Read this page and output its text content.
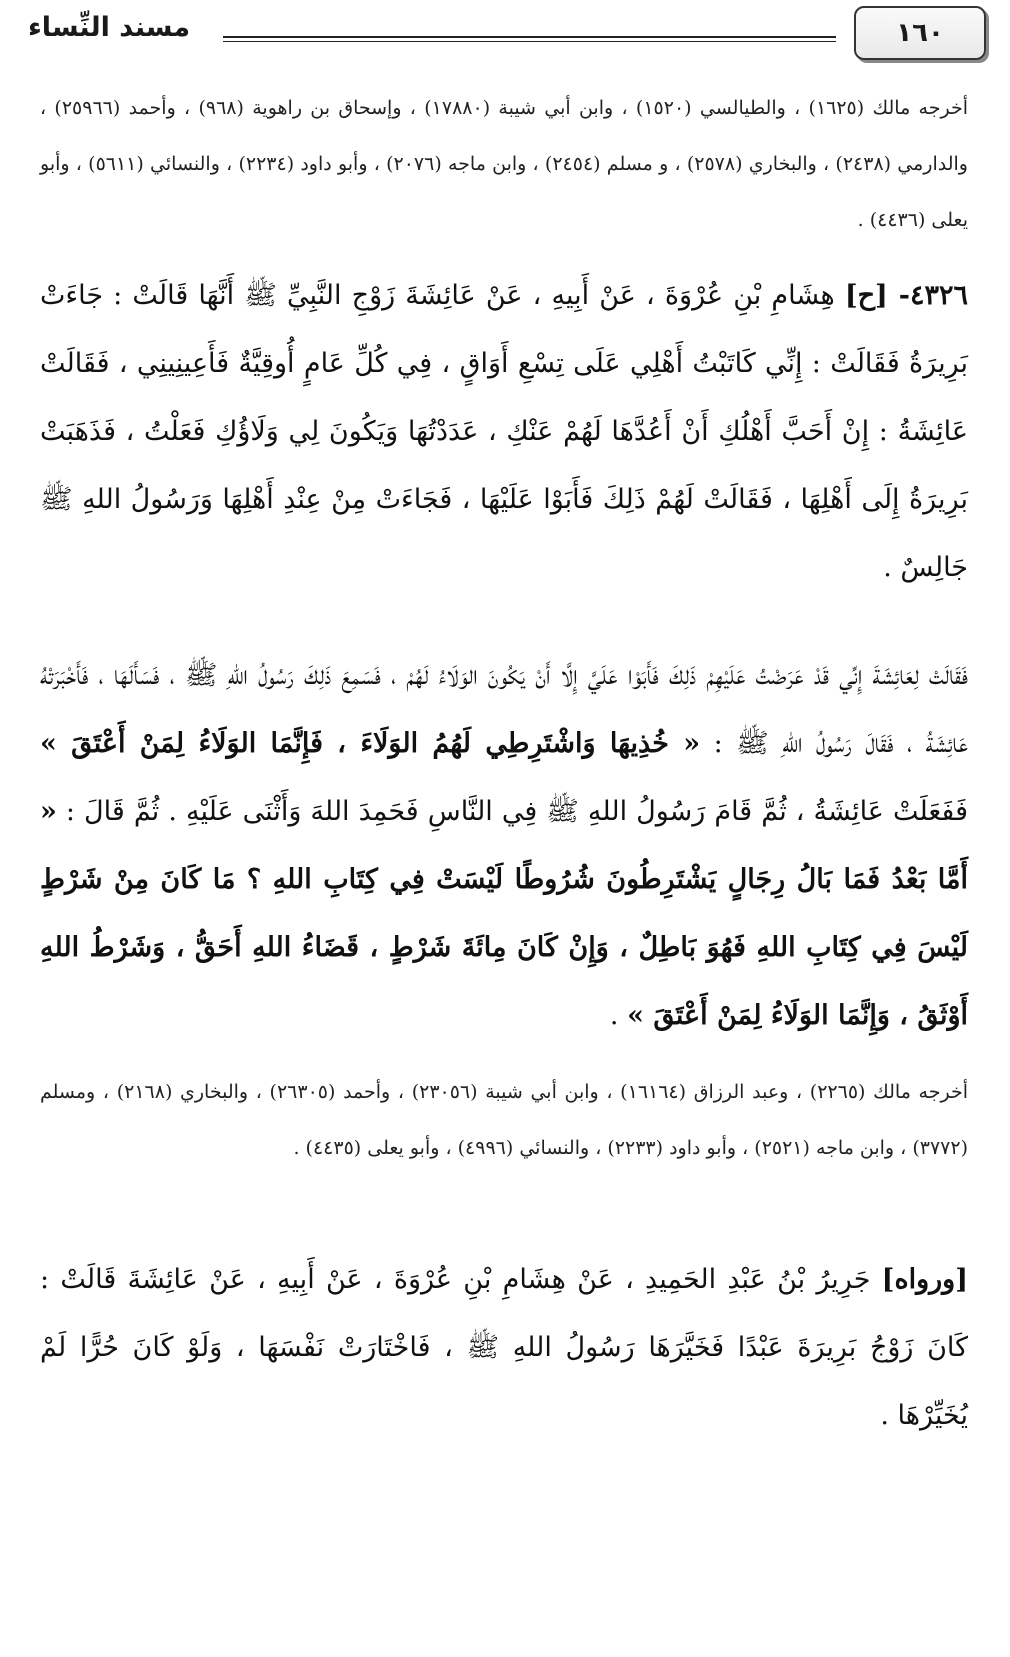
١٦٠
مسند النِّساء
أخرجه مالك (١٦٢٥) ، والطيالسي (١٥٢٠) ، وابن أبي شيبة (١٧٨٨٠) ، وإسحاق بن راهوية (٩٦٨) ، وأحمد (٢٥٩٦٦) ، والدارمي (٢٤٣٨) ، والبخاري (٢٥٧٨) ، و مسلم (٢٤٥٤) ، وابن ماجه (٢٠٧٦) ، وأبو داود (٢٢٣٤) ، والنسائي (٥٦١١) ، وأبو يعلى (٤٤٣٦) .
٤٣٢٦- [ح] هِشَامِ بْنِ عُرْوَةَ ، عَنْ أَبِيهِ ، عَنْ عَائِشَةَ زَوْجِ النَّبِيِّ ﷺ أَنَّهَا قَالَتْ : جَاءَتْ بَرِيرَةُ فَقَالَتْ : إِنِّي كَاتَبْتُ أَهْلِي عَلَى تِسْعِ أَوَاقٍ ، فِي كُلِّ عَامٍ أُوقِيَّةٌ فَأَعِينِينِي ، فَقَالَتْ عَائِشَةُ : إِنْ أَحَبَّ أَهْلُكِ أَنْ أَعُدَّهَا لَهُمْ عَنْكِ ، عَدَدْتُهَا وَيَكُونَ لِي وَلَاؤُكِ فَعَلْتُ ، فَذَهَبَتْ بَرِيرَةُ إِلَى أَهْلِهَا ، فَقَالَتْ لَهُمْ ذَلِكَ فَأَبَوْا عَلَيْهَا ، فَجَاءَتْ مِنْ عِنْدِ أَهْلِهَا وَرَسُولُ اللهِ ﷺ جَالِسٌ .
فَقَالَتْ لِعَائِشَةَ إِنِّي قَدْ عَرَضْتُ عَلَيْهِمْ ذَلِكَ فَأَبَوْا عَلَيَّ إِلَّا أَنْ يَكُونَ الوَلَاءُ لَهُمْ ، فَسَمِعَ ذَلِكَ رَسُولُ اللهِ ﷺ ، فَسَأَلَهَا ، فَأَخْبَرَتْهُ عَائِشَةُ ، فَقَالَ رَسُولُ اللهِ ﷺ : « خُذِيهَا وَاشْتَرِطِي لَهُمُ الوَلَاءَ ، فَإِنَّمَا الوَلَاءُ لِمَنْ أَعْتَقَ » فَفَعَلَتْ عَائِشَةُ ، ثُمَّ قَامَ رَسُولُ اللهِ ﷺ فِي النَّاسِ فَحَمِدَ اللهَ وَأَثْنَى عَلَيْهِ . ثُمَّ قَالَ : « أَمَّا بَعْدُ فَمَا بَالُ رِجَالٍ يَشْتَرِطُونَ شُرُوطًا لَيْسَتْ فِي كِتَابِ اللهِ ؟ مَا كَانَ مِنْ شَرْطٍ لَيْسَ فِي كِتَابِ اللهِ فَهُوَ بَاطِلٌ ، وَإِنْ كَانَ مِائَةَ شَرْطٍ ، قَضَاءُ اللهِ أَحَقُّ ، وَشَرْطُ اللهِ أَوْثَقُ ، وَإِنَّمَا الوَلَاءُ لِمَنْ أَعْتَقَ » .
أخرجه مالك (٢٢٦٥) ، وعبد الرزاق (١٦١٦٤) ، وابن أبي شيبة (٢٣٠٥٦) ، وأحمد (٢٦٣٠٥) ، والبخاري (٢١٦٨) ، ومسلم (٣٧٧٢) ، وابن ماجه (٢٥٢١) ، وأبو داود (٢٢٣٣) ، والنسائي (٤٩٩٦) ، وأبو يعلى (٤٤٣٥) .
[ورواه] جَرِيرُ بْنُ عَبْدِ الحَمِيدِ ، عَنْ هِشَامِ بْنِ عُرْوَةَ ، عَنْ أَبِيهِ ، عَنْ عَائِشَةَ قَالَتْ : كَانَ زَوْجُ بَرِيرَةَ عَبْدًا فَخَيَّرَهَا رَسُولُ اللهِ ﷺ ، فَاخْتَارَتْ نَفْسَهَا ، وَلَوْ كَانَ حُرًّا لَمْ يُخَيِّرْهَا .
